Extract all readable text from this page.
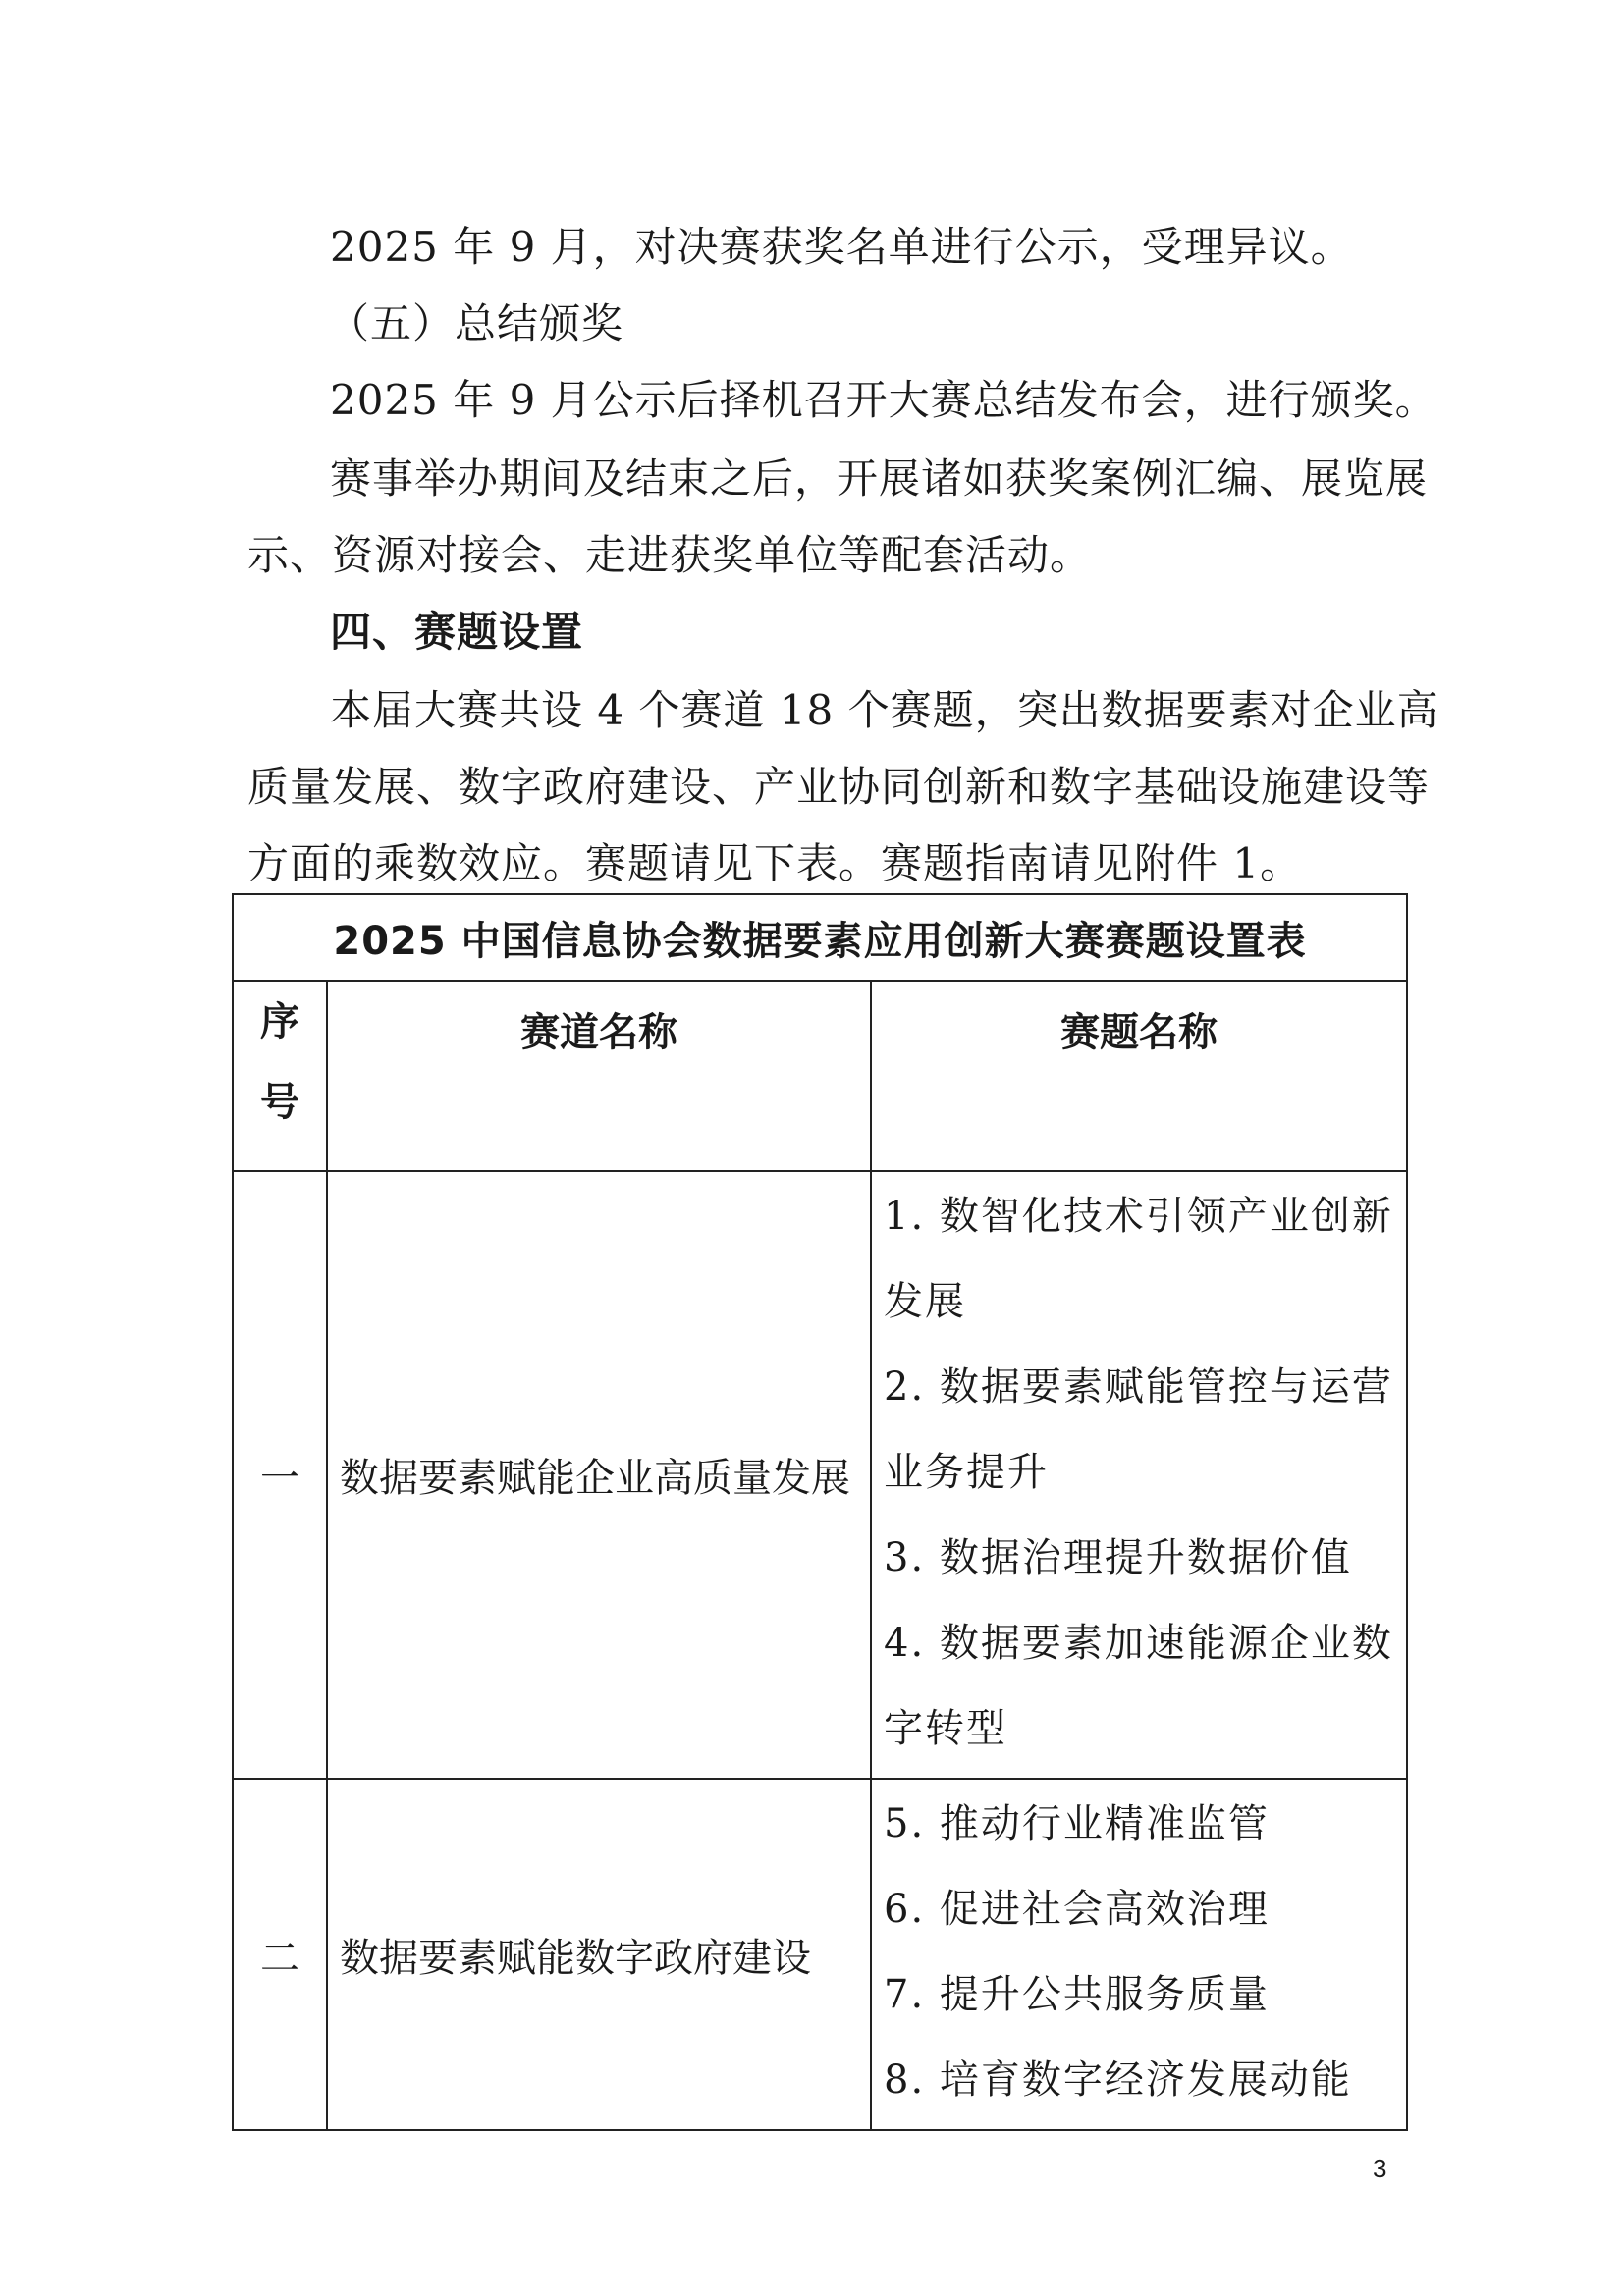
2025 年 9 月，对决赛获奖名单进行公示，受理异议。
（五）总结颁奖
2025 年 9 月公示后择机召开大赛总结发布会，进行颁奖。
赛事举办期间及结束之后，开展诸如获奖案例汇编、展览展
示、资源对接会、走进获奖单位等配套活动。
四、赛题设置
本届大赛共设 4 个赛道 18 个赛题，突出数据要素对企业高
质量发展、数字政府建设、产业协同创新和数字基础设施建设等
方面的乘数效应。赛题请见下表。赛题指南请见附件 1。
2025 中国信息协会数据要素应用创新大赛赛题设置表		

序
号	赛道名称	赛题名称
一	数据要素赋能企业高质量发展	1. 数智化技术引领产业创新发展
2. 数据要素赋能管控与运营业务提升
3. 数据治理提升数据价值
4. 数据要素加速能源企业数字转型

二	数据要素赋能数字政府建设	5. 推动行业精准监管
6. 促进社会高效治理
7. 提升公共服务质量
8. 培育数字经济发展动能
3
